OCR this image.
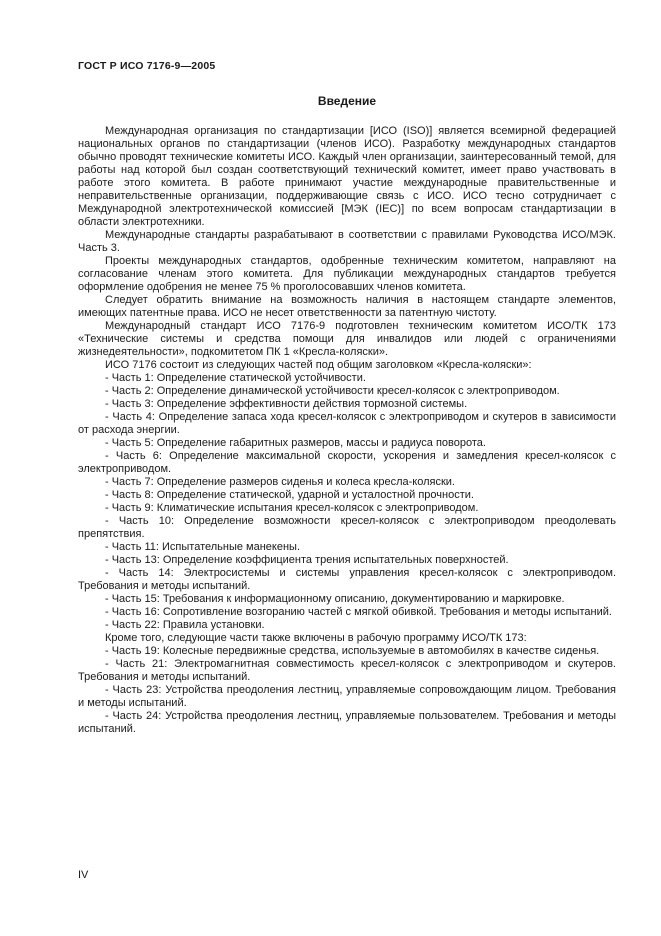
ГОСТ Р ИСО 7176-9—2005
Введение

Международная организация по стандартизации [ИСО (ISO)] является всемирной федерацией национальных органов по стандартизации (членов ИСО). Разработку международных стандартов обычно проводят технические комитеты ИСО. Каждый член организации, заинтересованный темой, для работы над которой был создан соответствующий технический комитет, имеет право участвовать в работе этого комитета. В работе принимают участие международные правительственные и неправительственные организации, поддерживающие связь с ИСО. ИСО тесно сотрудничает с Международной электротехнической комиссией [МЭК (IEC)] по всем вопросам стандартизации в области электротехники.

Международные стандарты разрабатывают в соответствии с правилами Руководства ИСО/МЭК. Часть 3.

Проекты международных стандартов, одобренные техническим комитетом, направляют на согласование членам этого комитета. Для публикации международных стандартов требуется оформление одобрения не менее 75 % проголосовавших членов комитета.

Следует обратить внимание на возможность наличия в настоящем стандарте элементов, имеющих патентные права. ИСО не несет ответственности за патентную чистоту.

Международный стандарт ИСО 7176-9 подготовлен техническим комитетом ИСО/ТК 173 «Технические системы и средства помощи для инвалидов или людей с ограничениями жизнедеятельности», подкомитетом ПК 1 «Кресла-коляски».

ИСО 7176 состоит из следующих частей под общим заголовком «Кресла-коляски»:

- Часть 1: Определение статической устойчивости.

- Часть 2: Определение динамической устойчивости кресел-колясок с электроприводом.

- Часть 3: Определение эффективности действия тормозной системы.

- Часть 4: Определение запаса хода кресел-колясок с электроприводом и скутеров в зависимости от расхода энергии.

- Часть 5: Определение габаритных размеров, массы и радиуса поворота.

- Часть 6: Определение максимальной скорости, ускорения и замедления кресел-колясок с электроприводом.

- Часть 7: Определение размеров сиденья и колеса кресла-коляски.

- Часть 8: Определение статической, ударной и усталостной прочности.

- Часть 9: Климатические испытания кресел-колясок с электроприводом.

- Часть 10: Определение возможности кресел-колясок с электроприводом преодолевать препятствия.

- Часть 11: Испытательные манекены.

- Часть 13: Определение коэффициента трения испытательных поверхностей.

- Часть 14: Электросистемы и системы управления кресел-колясок с электроприводом. Требования и методы испытаний.

- Часть 15: Требования к информационному описанию, документированию и маркировке.

- Часть 16: Сопротивление возгоранию частей с мягкой обивкой. Требования и методы испытаний.

- Часть 22: Правила установки.

Кроме того, следующие части также включены в рабочую программу ИСО/ТК 173:

- Часть 19: Колесные передвижные средства, используемые в автомобилях в качестве сиденья.

- Часть 21: Электромагнитная совместимость кресел-колясок с электроприводом и скутеров. Требования и методы испытаний.

- Часть 23: Устройства преодоления лестниц, управляемые сопровождающим лицом. Требования и методы испытаний.

- Часть 24: Устройства преодоления лестниц, управляемые пользователем. Требования и методы испытаний.

IV
